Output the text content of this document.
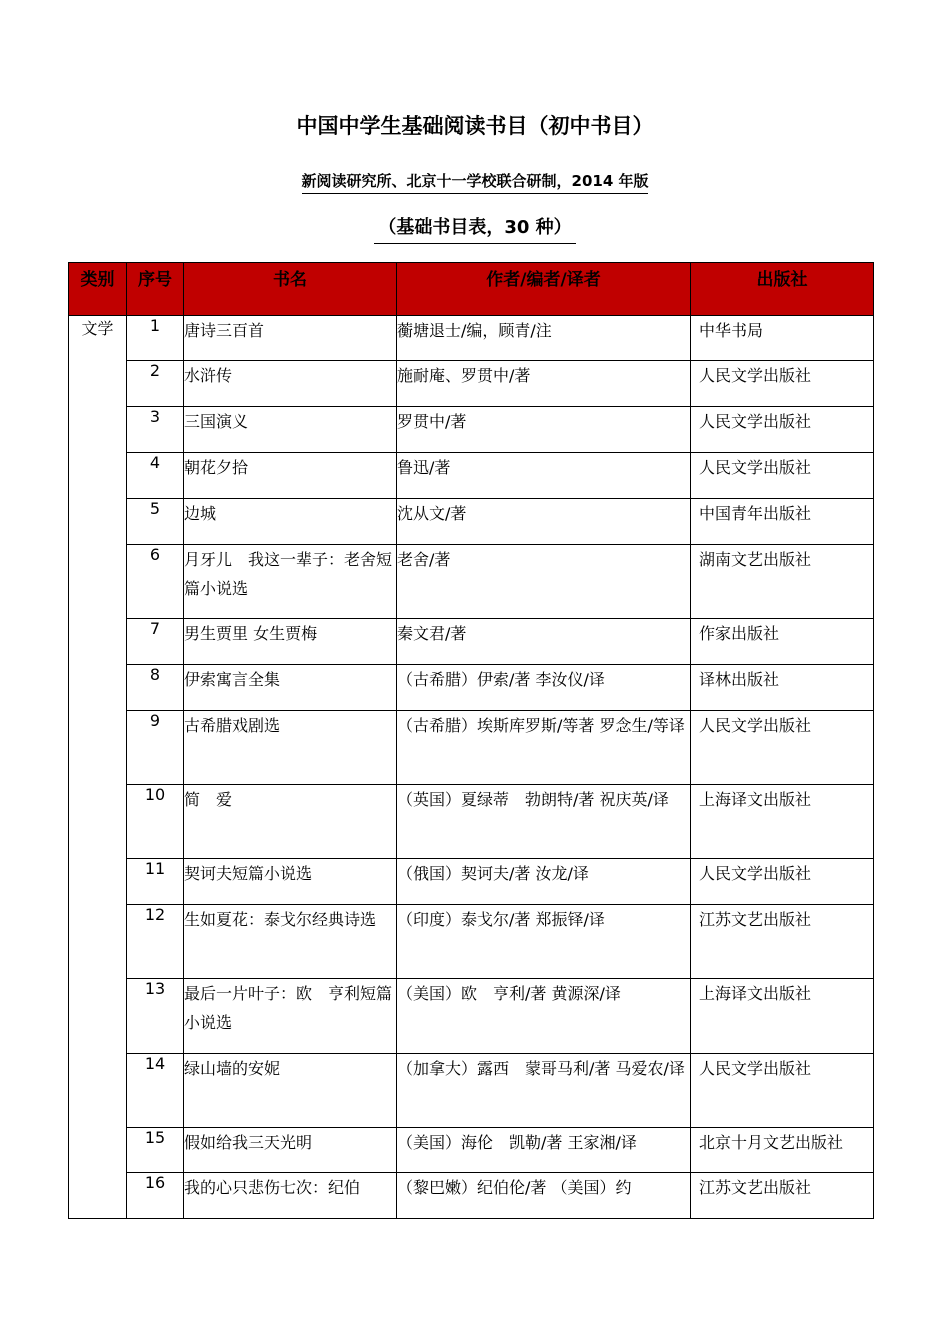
中国中学生基础阅读书目（初中书目）
新阅读研究所、北京十一学校联合研制，2014 年版
（基础书目表，30 种）
类别	序号	书名	作者/编者/译者	出版社
文学	1	唐诗三百首	蘅塘退士/编，顾青/注	中华书局
	2	水浒传	施耐庵、罗贯中/著	人民文学出版社
	3	三国演义	罗贯中/著	人民文学出版社
	4	朝花夕拾	鲁迅/著	人民文学出版社
	5	边城	沈从文/著	中国青年出版社
	6	月牙儿　我这一辈子：老舍短篇小说选	老舍/著	湖南文艺出版社
	7	男生贾里 女生贾梅	秦文君/著	作家出版社
	8	伊索寓言全集	（古希腊）伊索/著 李汝仪/译	译林出版社
	9	古希腊戏剧选	（古希腊）埃斯库罗斯/等著 罗念生/等译	人民文学出版社
	10	简　爱	（英国）夏绿蒂　勃朗特/著 祝庆英/译	上海译文出版社
	11	契诃夫短篇小说选	（俄国）契诃夫/著 汝龙/译	人民文学出版社
	12	生如夏花：泰戈尔经典诗选	（印度）泰戈尔/著 郑振铎/译	江苏文艺出版社
	13	最后一片叶子：欧　亨利短篇小说选	（美国）欧　亨利/著 黄源深/译	上海译文出版社
	14	绿山墙的安妮	（加拿大）露西　蒙哥马利/著 马爱农/译	人民文学出版社
	15	假如给我三天光明	（美国）海伦　凯勒/著 王家湘/译	北京十月文艺出版社
	16	我的心只悲伤七次：纪伯	（黎巴嫩）纪伯伦/著 （美国）约	江苏文艺出版社
